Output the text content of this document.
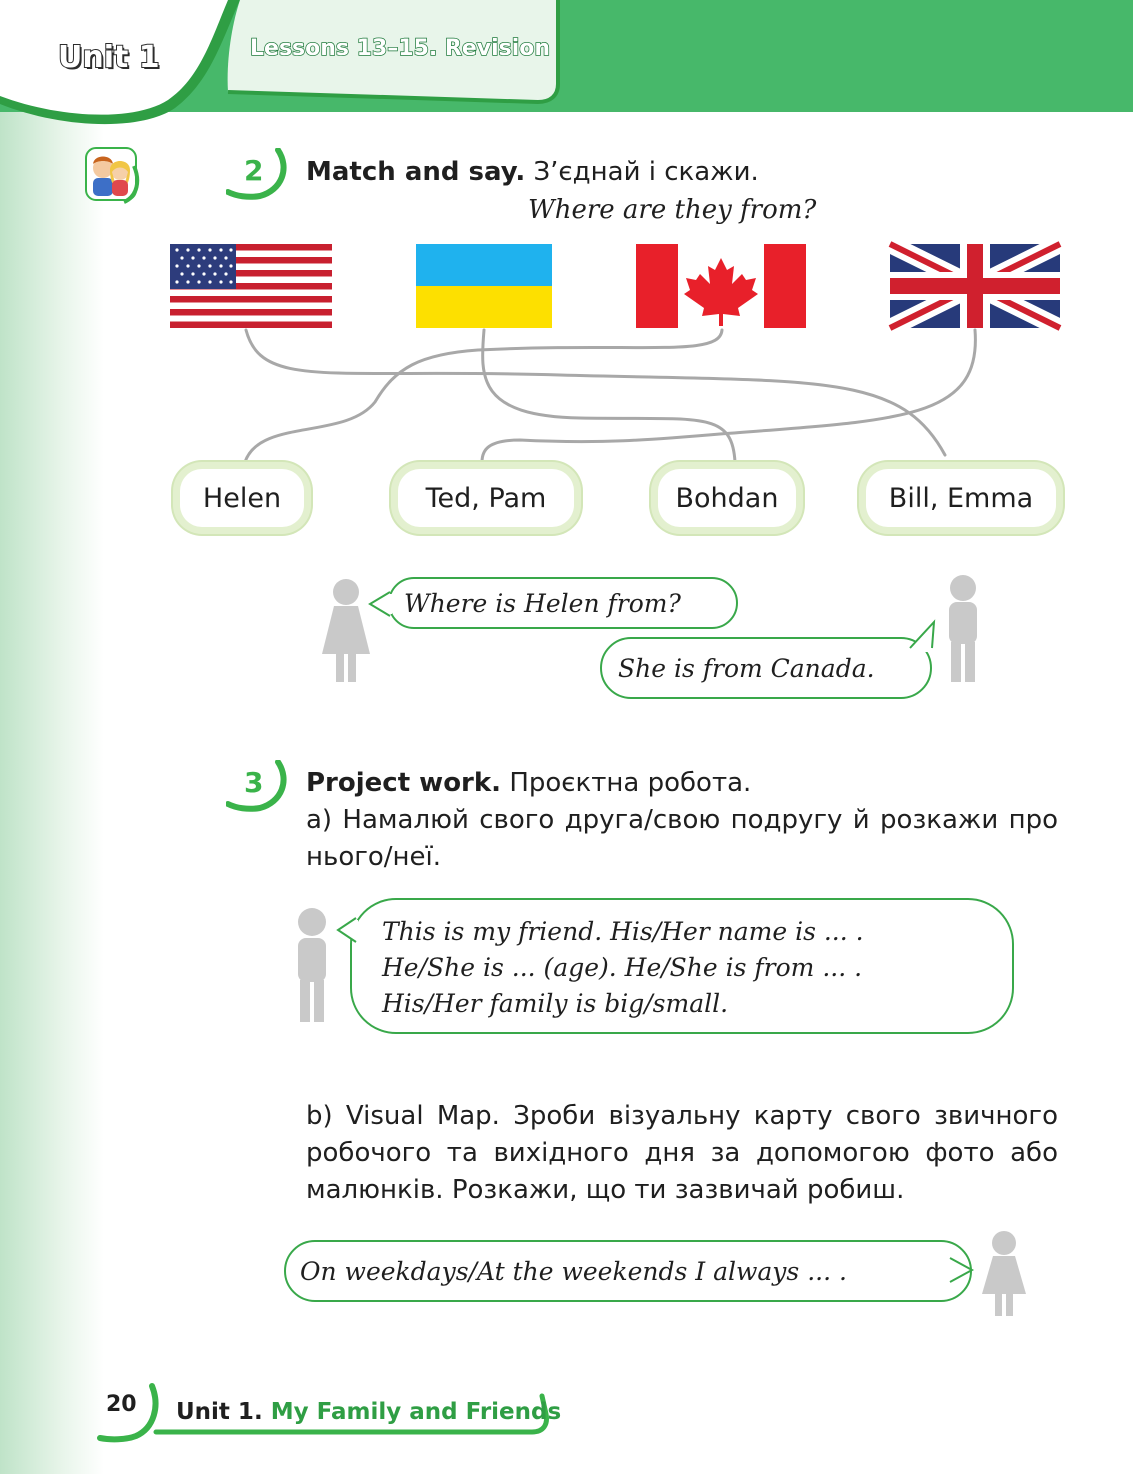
Unit 1	Lessons 13–15. Revision
2 Match and say. З’єднай і скажи.
Where are they from?
Helen	Ted, Pam	Bohdan	Bill, Emma
Where is Helen from?
She is from Canada.
3 Project work. Проєктна робота.
a) Намалюй свого друга/свою подругу й розкажи про нього/неї.
This is my friend. His/Her name is ... .
He/She is ... (age). He/She is from ... .
His/Her family is big/small.
b) Visual Map. Зроби візуальну карту свого звичного робочого та вихідного дня за допомогою фото або малюнків. Розкажи, що ти зазвичай робиш.
On weekdays/At the weekends I always ... .
20 Unit 1. My Family and Friends
